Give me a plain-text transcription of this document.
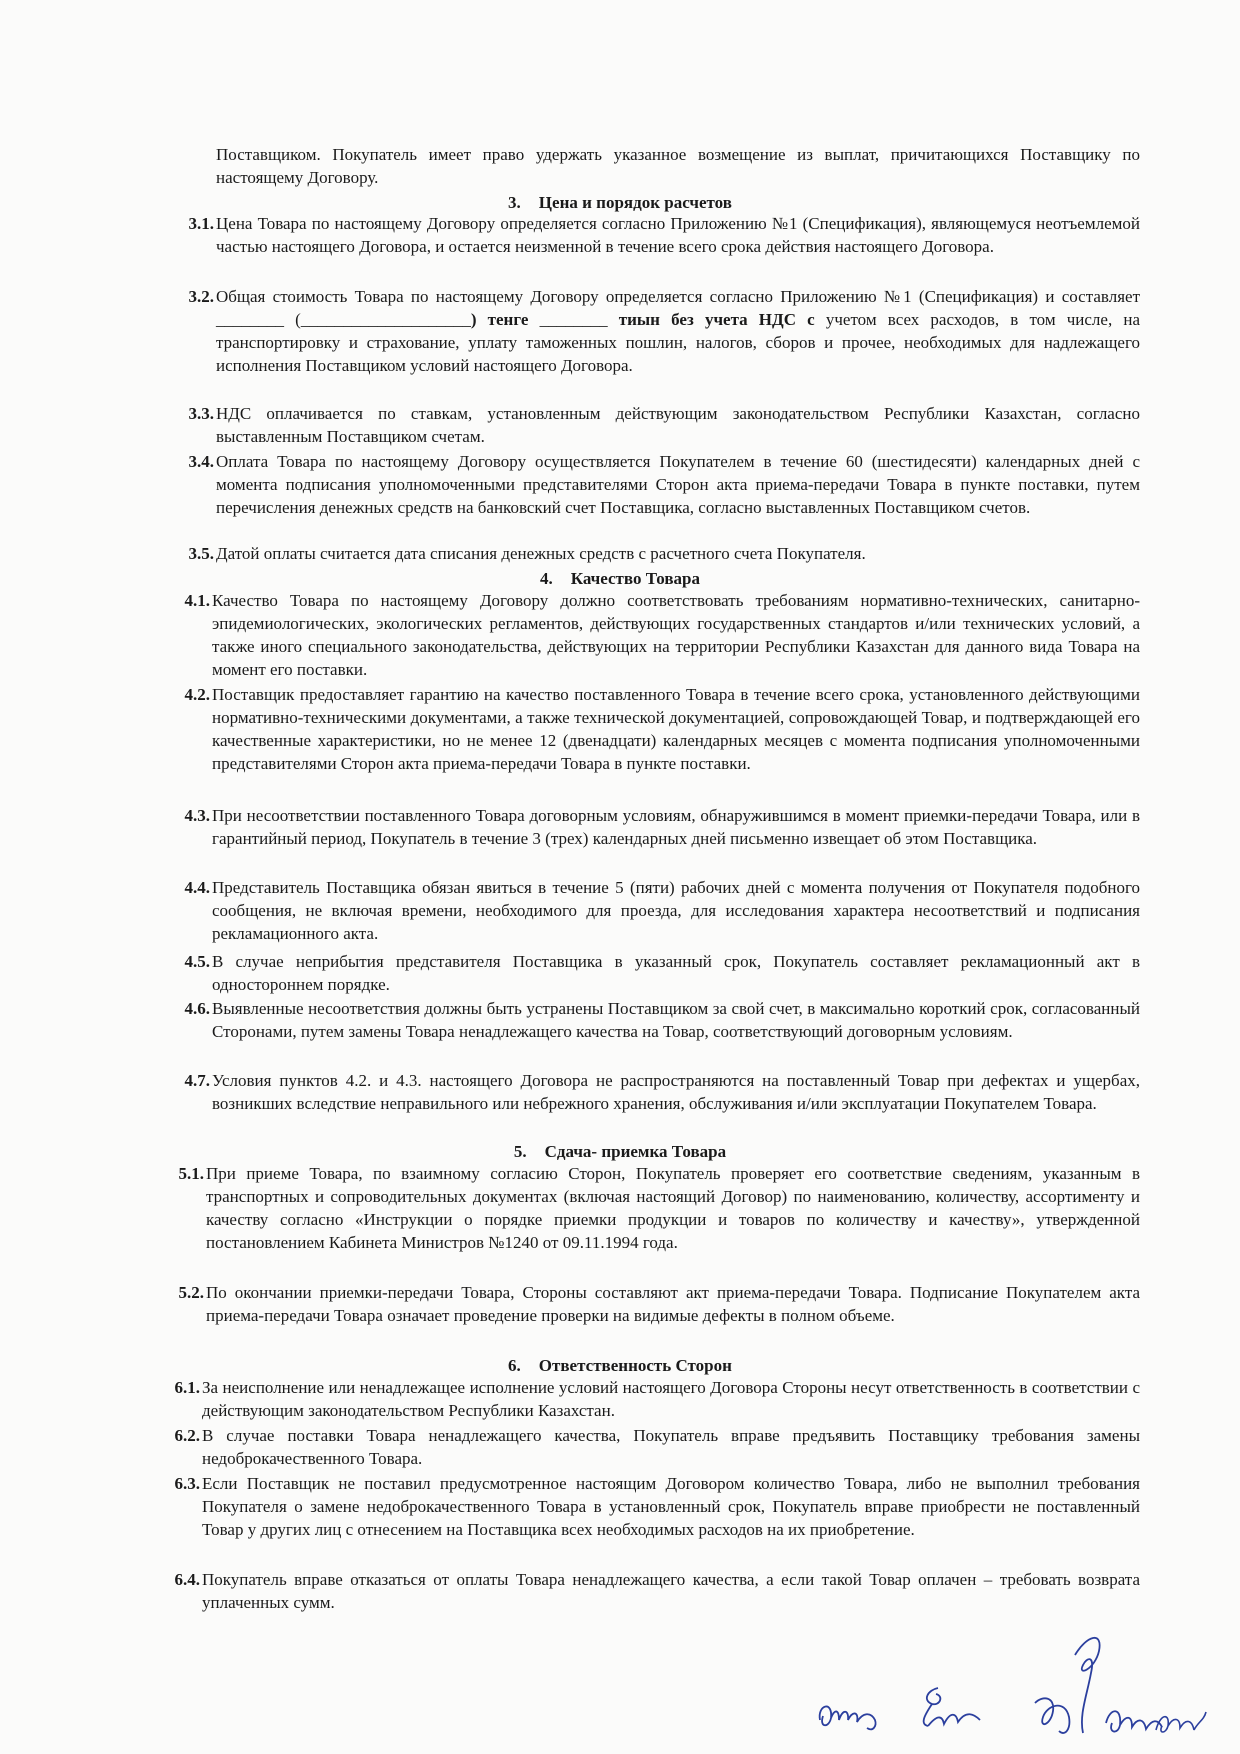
Поставщиком. Покупатель имеет право удержать указанное возмещение из выплат, причитающихся Поставщику по настоящему Договору.
3. Цена и порядок расчетов
3.1. Цена Товара по настоящему Договору определяется согласно Приложению №1 (Спецификация), являющемуся неотъемлемой частью настоящего Договора, и остается неизменной в течение всего срока действия настоящего Договора.
3.2. Общая стоимость Товара по настоящему Договору определяется согласно Приложению №1 (Спецификация) и составляет ________ (____________________) тенге ________ тиын без учета НДС с учетом всех расходов, в том числе, на транспортировку и страхование, уплату таможенных пошлин, налогов, сборов и прочее, необходимых для надлежащего исполнения Поставщиком условий настоящего Договора.
3.3. НДС оплачивается по ставкам, установленным действующим законодательством Республики Казахстан, согласно выставленным Поставщиком счетам.
3.4. Оплата Товара по настоящему Договору осуществляется Покупателем в течение 60 (шестидесяти) календарных дней с момента подписания уполномоченными представителями Сторон акта приема-передачи Товара в пункте поставки, путем перечисления денежных средств на банковский счет Поставщика, согласно выставленных Поставщиком счетов.
3.5. Датой оплаты считается дата списания денежных средств с расчетного счета Покупателя.
4. Качество Товара
4.1. Качество Товара по настоящему Договору должно соответствовать требованиям нормативно-технических, санитарно-эпидемиологических, экологических регламентов, действующих государственных стандартов и/или технических условий, а также иного специального законодательства, действующих на территории Республики Казахстан для данного вида Товара на момент его поставки.
4.2. Поставщик предоставляет гарантию на качество поставленного Товара в течение всего срока, установленного действующими нормативно-техническими документами, а также технической документацией, сопровождающей Товар, и подтверждающей его качественные характеристики, но не менее 12 (двенадцати) календарных месяцев с момента подписания уполномоченными представителями Сторон акта приема-передачи Товара в пункте поставки.
4.3. При несоответствии поставленного Товара договорным условиям, обнаружившимся в момент приемки-передачи Товара, или в гарантийный период, Покупатель в течение 3 (трех) календарных дней письменно извещает об этом Поставщика.
4.4. Представитель Поставщика обязан явиться в течение 5 (пяти) рабочих дней с момента получения от Покупателя подобного сообщения, не включая времени, необходимого для проезда, для исследования характера несоответствий и подписания рекламационного акта.
4.5. В случае неприбытия представителя Поставщика в указанный срок, Покупатель составляет рекламационный акт в одностороннем порядке.
4.6. Выявленные несоответствия должны быть устранены Поставщиком за свой счет, в максимально короткий срок, согласованный Сторонами, путем замены Товара ненадлежащего качества на Товар, соответствующий договорным условиям.
4.7. Условия пунктов 4.2. и 4.3. настоящего Договора не распространяются на поставленный Товар при дефектах и ущербах, возникших вследствие неправильного или небрежного хранения, обслуживания и/или эксплуатации Покупателем Товара.
5. Сдача- приемка Товара
5.1. При приеме Товара, по взаимному согласию Сторон, Покупатель проверяет его соответствие сведениям, указанным в транспортных и сопроводительных документах (включая настоящий Договор) по наименованию, количеству, ассортименту и качеству согласно «Инструкции о порядке приемки продукции и товаров по количеству и качеству», утвержденной постановлением Кабинета Министров №1240 от 09.11.1994 года.
5.2. По окончании приемки-передачи Товара, Стороны составляют акт приема-передачи Товара. Подписание Покупателем акта приема-передачи Товара означает проведение проверки на видимые дефекты в полном объеме.
6. Ответственность Сторон
6.1. За неисполнение или ненадлежащее исполнение условий настоящего Договора Стороны несут ответственность в соответствии с действующим законодательством Республики Казахстан.
6.2. В случае поставки Товара ненадлежащего качества, Покупатель вправе предъявить Поставщику требования замены недоброкачественного Товара.
6.3. Если Поставщик не поставил предусмотренное настоящим Договором количество Товара, либо не выполнил требования Покупателя о замене недоброкачественного Товара в установленный срок, Покупатель вправе приобрести не поставленный Товар у других лиц с отнесением на Поставщика всех необходимых расходов на их приобретение.
6.4. Покупатель вправе отказаться от оплаты Товара ненадлежащего качества, а если такой Товар оплачен – требовать возврата уплаченных сумм.
